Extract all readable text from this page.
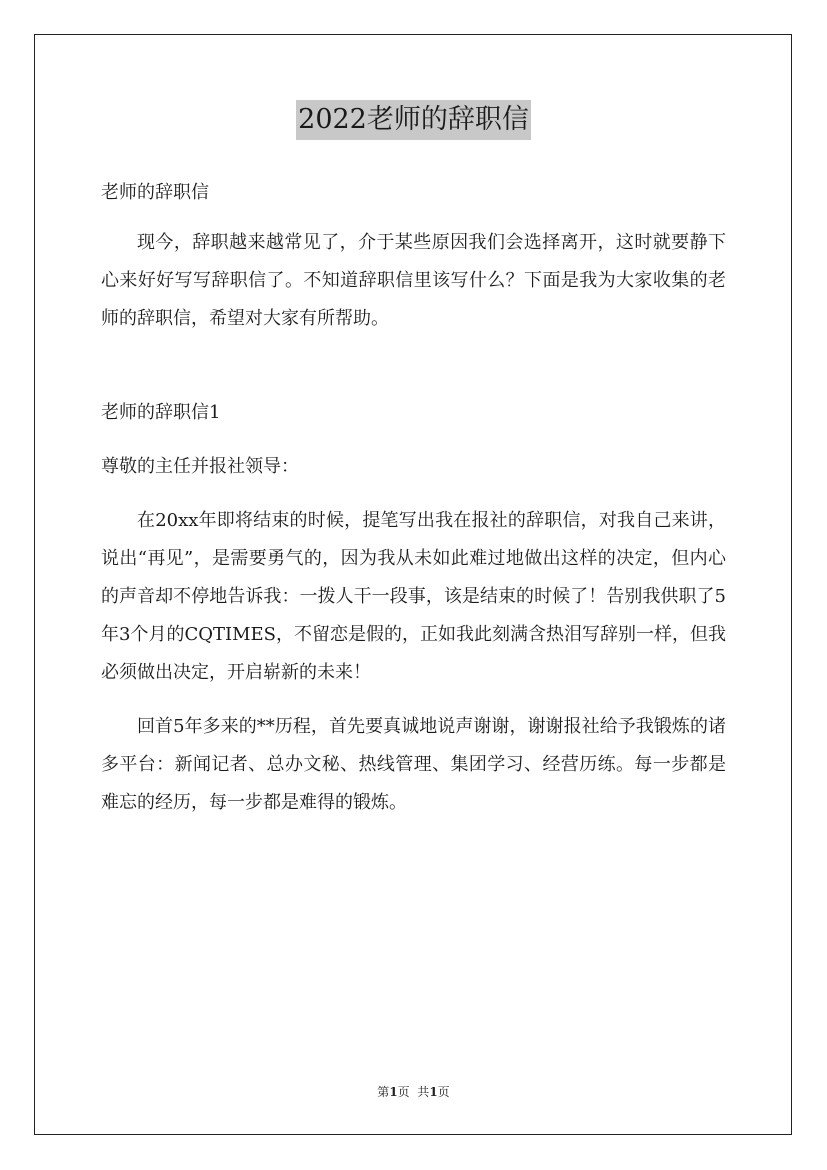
2022老师的辞职信

老师的辞职信

现今，辞职越来越常见了，介于某些原因我们会选择离开，这时就要静下心来好好写写辞职信了。不知道辞职信里该写什么？下面是我为大家收集的老师的辞职信，希望对大家有所帮助。

老师的辞职信1

尊敬的主任并报社领导：

在20xx年即将结束的时候，提笔写出我在报社的辞职信，对我自己来讲，说出“再见”，是需要勇气的，因为我从未如此难过地做出这样的决定，但内心的声音却不停地告诉我：一拨人干一段事，该是结束的时候了！告别我供职了5年3个月的CQTIMES，不留恋是假的，正如我此刻满含热泪写辞别一样，但我必须做出决定，开启崭新的未来！

回首5年多来的**历程，首先要真诚地说声谢谢，谢谢报社给予我锻炼的诸多平台：新闻记者、总办文秘、热线管理、集团学习、经营历练。每一步都是难忘的经历，每一步都是难得的锻炼。

第1页  共1页
